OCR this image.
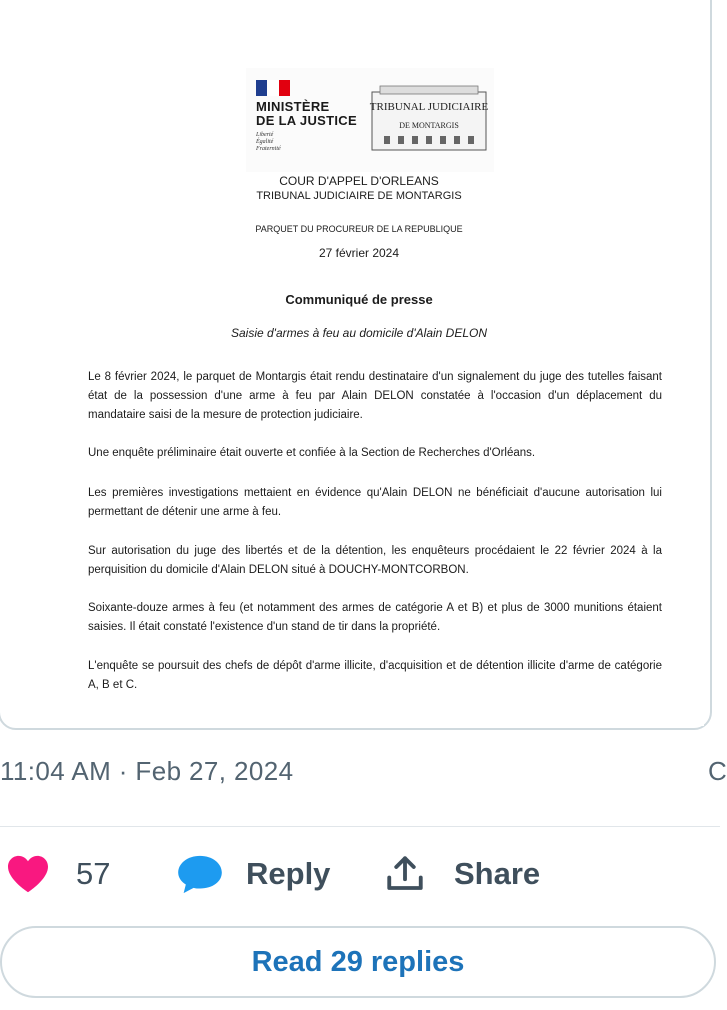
MINISTÈRE
DE LA JUSTICE
Liberté
Égalité
Fraternité
TRIBUNAL JUDICIAIRE
DE MONTARGIS
COUR D'APPEL D'ORLEANS
TRIBUNAL JUDICIAIRE DE MONTARGIS
PARQUET DU PROCUREUR DE LA REPUBLIQUE
27 février 2024
Communiqué de presse
Saisie d'armes à feu au domicile d'Alain DELON
Le 8 février 2024, le parquet de Montargis était rendu destinataire d'un signalement du juge des tutelles faisant état de la possession d'une arme à feu par Alain DELON constatée à l'occasion d'un déplacement du mandataire saisi de la mesure de protection judiciaire.
Une enquête préliminaire était ouverte et confiée à la Section de Recherches d'Orléans.
Les premières investigations mettaient en évidence qu'Alain DELON ne bénéficiait d'aucune autorisation lui permettant de détenir une arme à feu.
Sur autorisation du juge des libertés et de la détention, les enquêteurs procédaient le 22 février 2024 à la perquisition du domicile d'Alain DELON situé à DOUCHY-MONTCORBON.
Soixante-douze armes à feu (et notamment des armes de catégorie A et B) et plus de 3000 munitions étaient saisies. Il était constaté l'existence d'un stand de tir dans la propriété.
L'enquête se poursuit des chefs de dépôt d'arme illicite, d'acquisition et de détention illicite d'arme de catégorie A, B et C.
11:04 AM · Feb 27, 2024	C
57	Reply	Share
Read 29 replies
